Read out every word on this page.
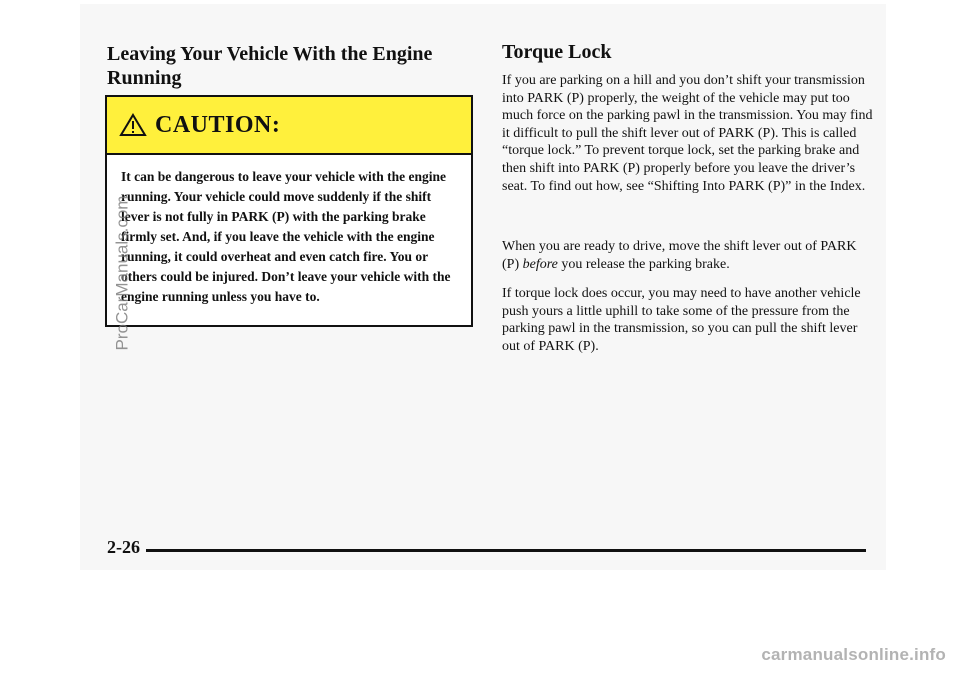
Leaving Your Vehicle With the Engine Running
CAUTION:

It can be dangerous to leave your vehicle with the engine running. Your vehicle could move suddenly if the shift lever is not fully in PARK (P) with the parking brake firmly set. And, if you leave the vehicle with the engine running, it could overheat and even catch fire. You or others could be injured. Don’t leave your vehicle with the engine running unless you have to.

Torque Lock

If you are parking on a hill and you don’t shift your transmission into PARK (P) properly, the weight of the vehicle may put too much force on the parking pawl in the transmission. You may find it difficult to pull the shift lever out of PARK (P). This is called “torque lock.” To prevent torque lock, set the parking brake and then shift into PARK (P) properly before you leave the driver’s seat. To find out how, see “Shifting Into PARK (P)” in the Index.

When you are ready to drive, move the shift lever out of PARK (P) before you release the parking brake.

If torque lock does occur, you may need to have another vehicle push yours a little uphill to take some of the pressure from the parking pawl in the transmission, so you can pull the shift lever out of PARK (P).

2-26
ProCarManuals.com
carmanualsonline.info
